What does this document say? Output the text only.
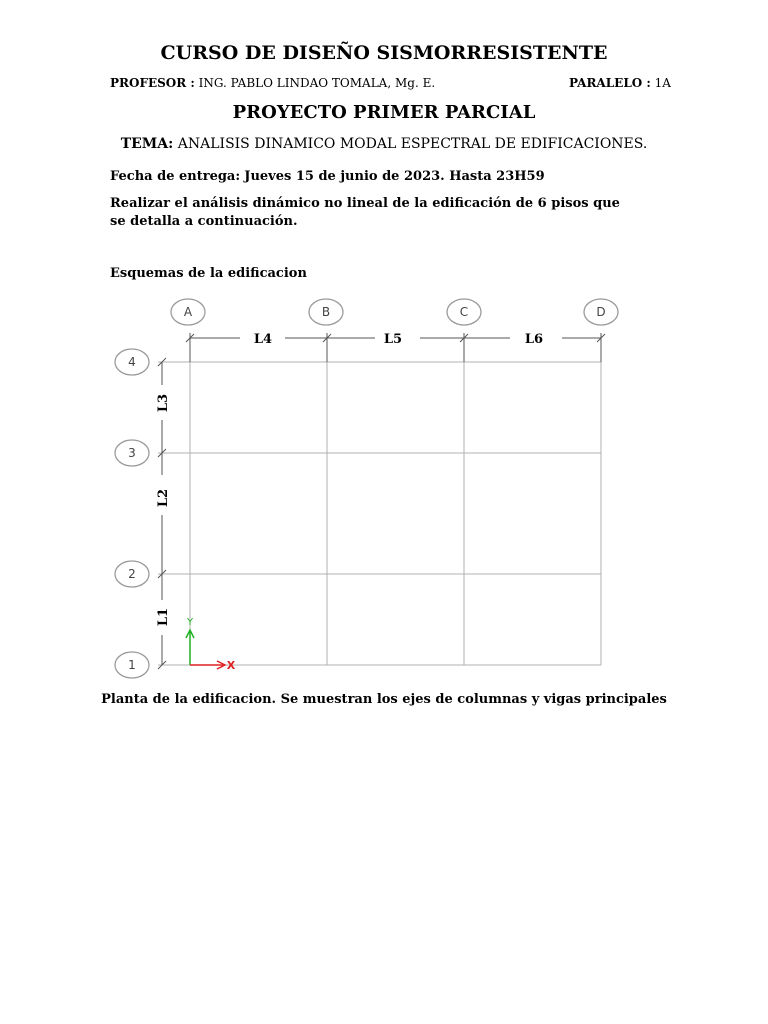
CURSO DE DISEÑO SISMORRESISTENTE
PROFESOR : ING. PABLO LINDAO TOMALA, Mg. E.	PARALELO : 1A
PROYECTO PRIMER PARCIAL
TEMA: ANALISIS DINAMICO MODAL ESPECTRAL DE EDIFICACIONES.
Fecha de entrega: Jueves 15 de junio de 2023. Hasta 23H59
Realizar el análisis dinámico no lineal de la edificación de 6 pisos que se detalla a continuación.
Esquemas de la edificacion
A	B	C	D
4
3
2
1
L4	L5	L6
L3
L2
L1 Y
X
Planta de la edificacion. Se muestran los ejes de columnas y vigas principales
